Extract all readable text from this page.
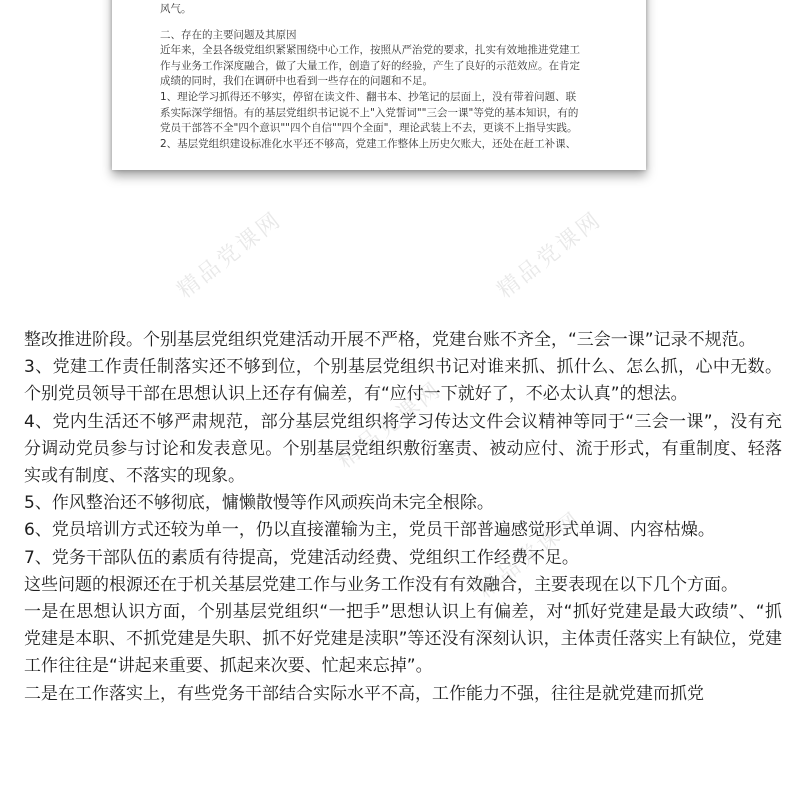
风气。

二、存在的主要问题及其原因

近年来，全县各级党组织紧紧围绕中心工作，按照从严治党的要求，扎实有效地推进党建工

作与业务工作深度融合，做了大量工作，创造了好的经验，产生了良好的示范效应。在肯定

成绩的同时，我们在调研中也看到一些存在的问题和不足。

1、理论学习抓得还不够实，停留在读文件、翻书本、抄笔记的层面上，没有带着问题、联

系实际深学细悟。有的基层党组织书记说不上"入党誓词""三会一课"等党的基本知识，有的

党员干部答不全"四个意识""四个自信""四个全面"，理论武装上不去，更谈不上指导实践。

2、基层党组织建设标准化水平还不够高，党建工作整体上历史欠账大，还处在赶工补课、

精品党课网	精品党课网
精品党课网
精品党课网

整改推进阶段。个别基层党组织党建活动开展不严格，党建台账不齐全，“三会一课”记录不规范。

3、党建工作责任制落实还不够到位，个别基层党组织书记对谁来抓、抓什么、怎么抓，心中无数。个别党员领导干部在思想认识上还存有偏差，有“应付一下就好了，不必太认真”的想法。

4、党内生活还不够严肃规范，部分基层党组织将学习传达文件会议精神等同于“三会一课”，没有充分调动党员参与讨论和发表意见。个别基层党组织敷衍塞责、被动应付、流于形式，有重制度、轻落实或有制度、不落实的现象。

5、作风整治还不够彻底，慵懒散慢等作风顽疾尚未完全根除。

6、党员培训方式还较为单一，仍以直接灌输为主，党员干部普遍感觉形式单调、内容枯燥。

7、党务干部队伍的素质有待提高，党建活动经费、党组织工作经费不足。

这些问题的根源还在于机关基层党建工作与业务工作没有有效融合，主要表现在以下几个方面。

一是在思想认识方面，个别基层党组织“一把手”思想认识上有偏差，对“抓好党建是最大政绩”、“抓党建是本职、不抓党建是失职、抓不好党建是渎职”等还没有深刻认识，主体责任落实上有缺位，党建工作往往是“讲起来重要、抓起来次要、忙起来忘掉”。

二是在工作落实上，有些党务干部结合实际水平不高，工作能力不强，往往是就党建而抓党
